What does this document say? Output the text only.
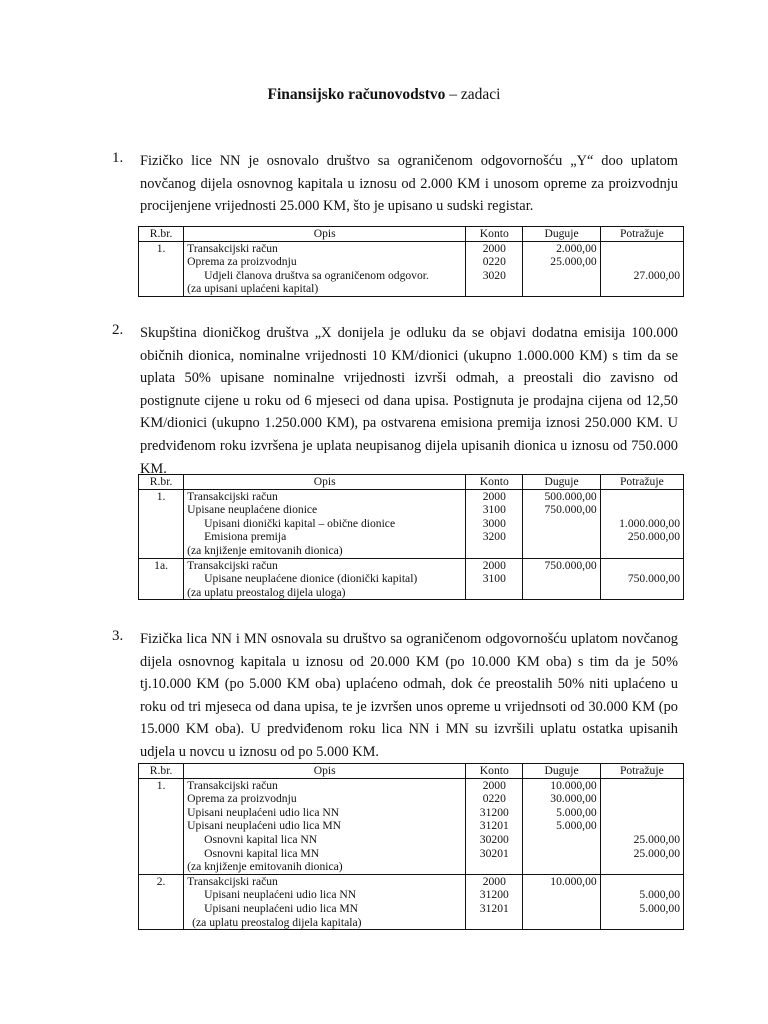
Finansijsko računovodstvo – zadaci
1. Fizičko lice NN je osnovalo društvo sa ograničenom odgovornošću „Y“ doo uplatom novčanog dijela osnovnog kapitala u iznosu od 2.000 KM i unosom opreme za proizvodnju procijenjene vrijednosti 25.000 KM, što je upisano u sudski registar.
R.br.	Opis	Konto	Duguje	Potražuje
1.	Transakcijski račun	2000	2.000,00	
	Oprema za proizvodnju	0220	25.000,00	
	Udjeli članova društva sa ograničenom odgovor.	3020		27.000,00
	(za upisani uplaćeni kapital)			
2. Skupština dioničkog društva „X donijela je odluku da se objavi dodatna emisija 100.000 običnih dionica, nominalne vrijednosti 10 KM/dionici (ukupno 1.000.000 KM) s tim da se uplata 50% upisane nominalne vrijednosti izvrši odmah, a preostali dio zavisno od postignute cijene u roku od 6 mjeseci od dana upisa. Postignuta je prodajna cijena od 12,50 KM/dionici (ukupno 1.250.000 KM), pa ostvarena emisiona premija iznosi 250.000 KM. U predviđenom roku izvršena je uplata neupisanog dijela upisanih dionica u iznosu od 750.000 KM.
R.br.	Opis	Konto	Duguje	Potražuje
1.	Transakcijski račun	2000	500.000,00	
	Upisane neuplaćene dionice	3100	750.000,00	
	Upisani dionički kapital – obične dionice	3000		1.000.000,00
	Emisiona premija	3200		250.000,00
	(za knjiženje emitovanih dionica)			
1a.	Transakcijski račun	2000	750.000,00	
	Upisane neuplaćene dionice (dionički kapital)	3100		750.000,00
	(za uplatu preostalog dijela uloga)			
3. Fizička lica NN i MN osnovala su društvo sa ograničenom odgovornošću uplatom novčanog dijela osnovnog kapitala u iznosu od 20.000 KM (po 10.000 KM oba) s tim da je 50% tj.10.000 KM (po 5.000 KM oba) uplaćeno odmah, dok će preostalih 50% niti uplaćeno u roku od tri mjeseca od dana upisa, te je izvršen unos opreme u vrijednsoti od 30.000 KM (po 15.000 KM oba). U predviđenom roku lica NN i MN su izvršili uplatu ostatka upisanih udjela u novcu u iznosu od po 5.000 KM.
R.br.	Opis	Konto	Duguje	Potražuje
1.	Transakcijski račun	2000	10.000,00	
	Oprema za proizvodnju	0220	30.000,00	
	Upisani neuplaćeni udio lica NN	31200	5.000,00	
	Upisani neuplaćeni udio lica MN	31201	5.000,00	
	Osnovni kapital lica NN	30200		25.000,00
	Osnovni kapital lica MN	30201		25.000,00
	(za knjiženje emitovanih dionica)			
2.	Transakcijski račun	2000	10.000,00	
	Upisani neuplaćeni udio lica NN	31200		5.000,00
	Upisani neuplaćeni udio lica MN	31201		5.000,00
	(za uplatu preostalog dijela kapitala)			
